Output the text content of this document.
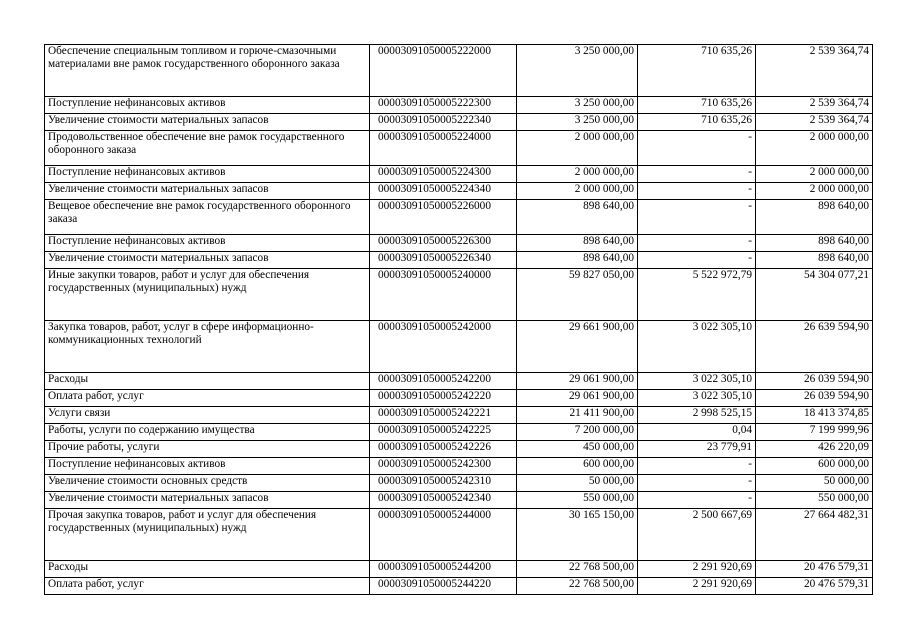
Обеспечение специальным топливом и горюче-смазочными материалами вне рамок государственного оборонного заказа	00003091050005222000	3 250 000,00	710 635,26	2 539 364,74
Поступление нефинансовых активов	00003091050005222300	3 250 000,00	710 635,26	2 539 364,74
Увеличение стоимости материальных запасов	00003091050005222340	3 250 000,00	710 635,26	2 539 364,74
Продовольственное обеспечение вне рамок государственного оборонного заказа	00003091050005224000	2 000 000,00	-	2 000 000,00
Поступление нефинансовых активов	00003091050005224300	2 000 000,00	-	2 000 000,00
Увеличение стоимости материальных запасов	00003091050005224340	2 000 000,00	-	2 000 000,00
Вещевое обеспечение вне рамок государственного оборонного заказа	00003091050005226000	898 640,00	-	898 640,00
Поступление нефинансовых активов	00003091050005226300	898 640,00	-	898 640,00
Увеличение стоимости материальных запасов	00003091050005226340	898 640,00	-	898 640,00
Иные закупки товаров, работ и услуг для обеспечения государственных (муниципальных) нужд	00003091050005240000	59 827 050,00	5 522 972,79	54 304 077,21
Закупка товаров, работ, услуг в сфере информационно-коммуникационных технологий	00003091050005242000	29 661 900,00	3 022 305,10	26 639 594,90
Расходы	00003091050005242200	29 061 900,00	3 022 305,10	26 039 594,90
Оплата работ, услуг	00003091050005242220	29 061 900,00	3 022 305,10	26 039 594,90
Услуги связи	00003091050005242221	21 411 900,00	2 998 525,15	18 413 374,85
Работы, услуги по содержанию имущества	00003091050005242225	7 200 000,00	0,04	7 199 999,96
Прочие работы, услуги	00003091050005242226	450 000,00	23 779,91	426 220,09
Поступление нефинансовых активов	00003091050005242300	600 000,00	-	600 000,00
Увеличение стоимости основных средств	00003091050005242310	50 000,00	-	50 000,00
Увеличение стоимости материальных запасов	00003091050005242340	550 000,00	-	550 000,00
Прочая закупка товаров, работ и услуг для обеспечения государственных (муниципальных) нужд	00003091050005244000	30 165 150,00	2 500 667,69	27 664 482,31
Расходы	00003091050005244200	22 768 500,00	2 291 920,69	20 476 579,31
Оплата работ, услуг	00003091050005244220	22 768 500,00	2 291 920,69	20 476 579,31
